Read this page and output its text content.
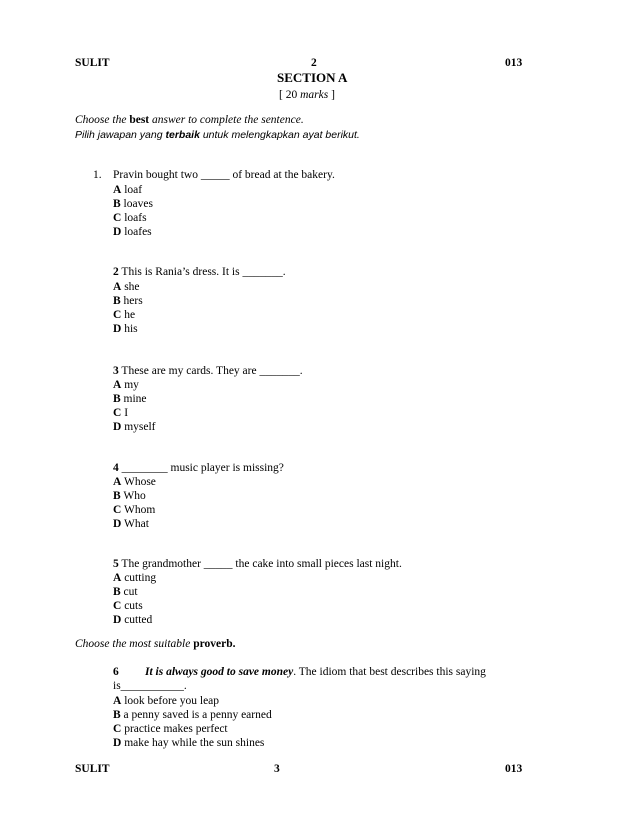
SULIT	2	013
SECTION A
[ 20 marks ]
Choose the best answer to complete the sentence.
Pilih jawapan yang terbaik untuk melengkapkan ayat berikut.
1. Pravin bought two _____ of bread at the bakery.
A loaf
B loaves
C loafs
D loafes
2 This is Rania’s dress. It is _______.
A she
B hers
C he
D his
3 These are my cards. They are _______.
A my
B mine
C I
D myself
4 ________ music player is missing?
A Whose
B Who
C Whom
D What
5 The grandmother _____ the cake into small pieces last night.
A cutting
B cut
C cuts
D cutted
Choose the most suitable proverb.
6 It is always good to save money. The idiom that best describes this saying
is___________.
A look before you leap
B a penny saved is a penny earned
C practice makes perfect
D make hay while the sun shines
SULIT	3	013
